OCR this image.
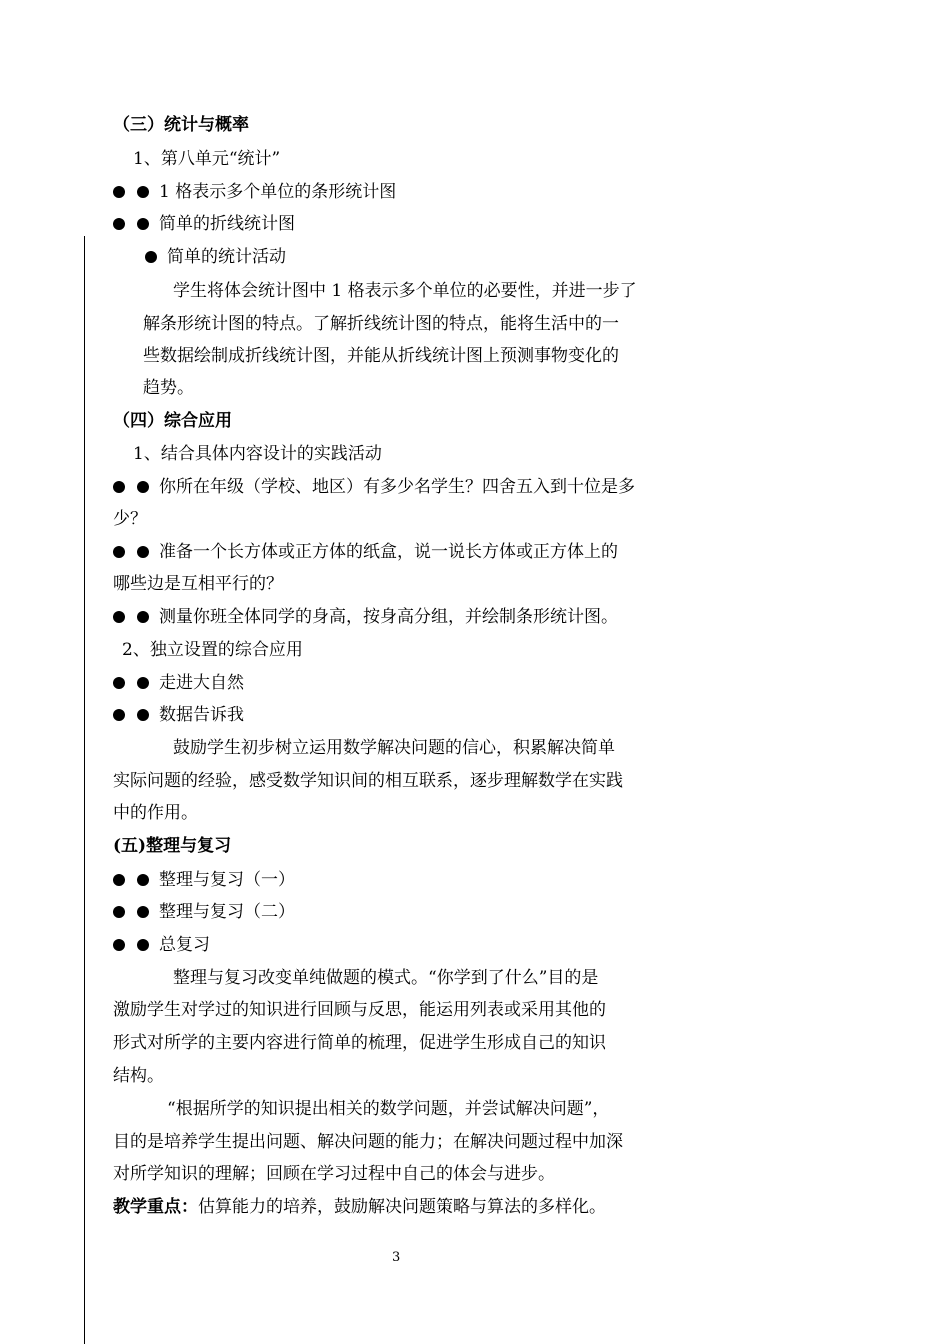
（三）统计与概率
1、第八单元“统计”
1 格表示多个单位的条形统计图
简单的折线统计图
简单的统计活动
学生将体会统计图中 1 格表示多个单位的必要性，并进一步了
解条形统计图的特点。了解折线统计图的特点，能将生活中的一
些数据绘制成折线统计图，并能从折线统计图上预测事物变化的
趋势。
（四）综合应用
1、结合具体内容设计的实践活动
你所在年级（学校、地区）有多少名学生？四舍五入到十位是多
少？
准备一个长方体或正方体的纸盒，说一说长方体或正方体上的
哪些边是互相平行的？
测量你班全体同学的身高，按身高分组，并绘制条形统计图。
2、独立设置的综合应用
走进大自然
数据告诉我
鼓励学生初步树立运用数学解决问题的信心，积累解决简单
实际问题的经验，感受数学知识间的相互联系，逐步理解数学在实践
中的作用。
(五)整理与复习
整理与复习（一）
整理与复习（二）
总复习
整理与复习改变单纯做题的模式。“你学到了什么”目的是
激励学生对学过的知识进行回顾与反思，能运用列表或采用其他的
形式对所学的主要内容进行简单的梳理，促进学生形成自己的知识
结构。
“根据所学的知识提出相关的数学问题，并尝试解决问题”，
目的是培养学生提出问题、解决问题的能力；在解决问题过程中加深
对所学知识的理解；回顾在学习过程中自己的体会与进步。
教学重点：估算能力的培养，鼓励解决问题策略与算法的多样化。
3
